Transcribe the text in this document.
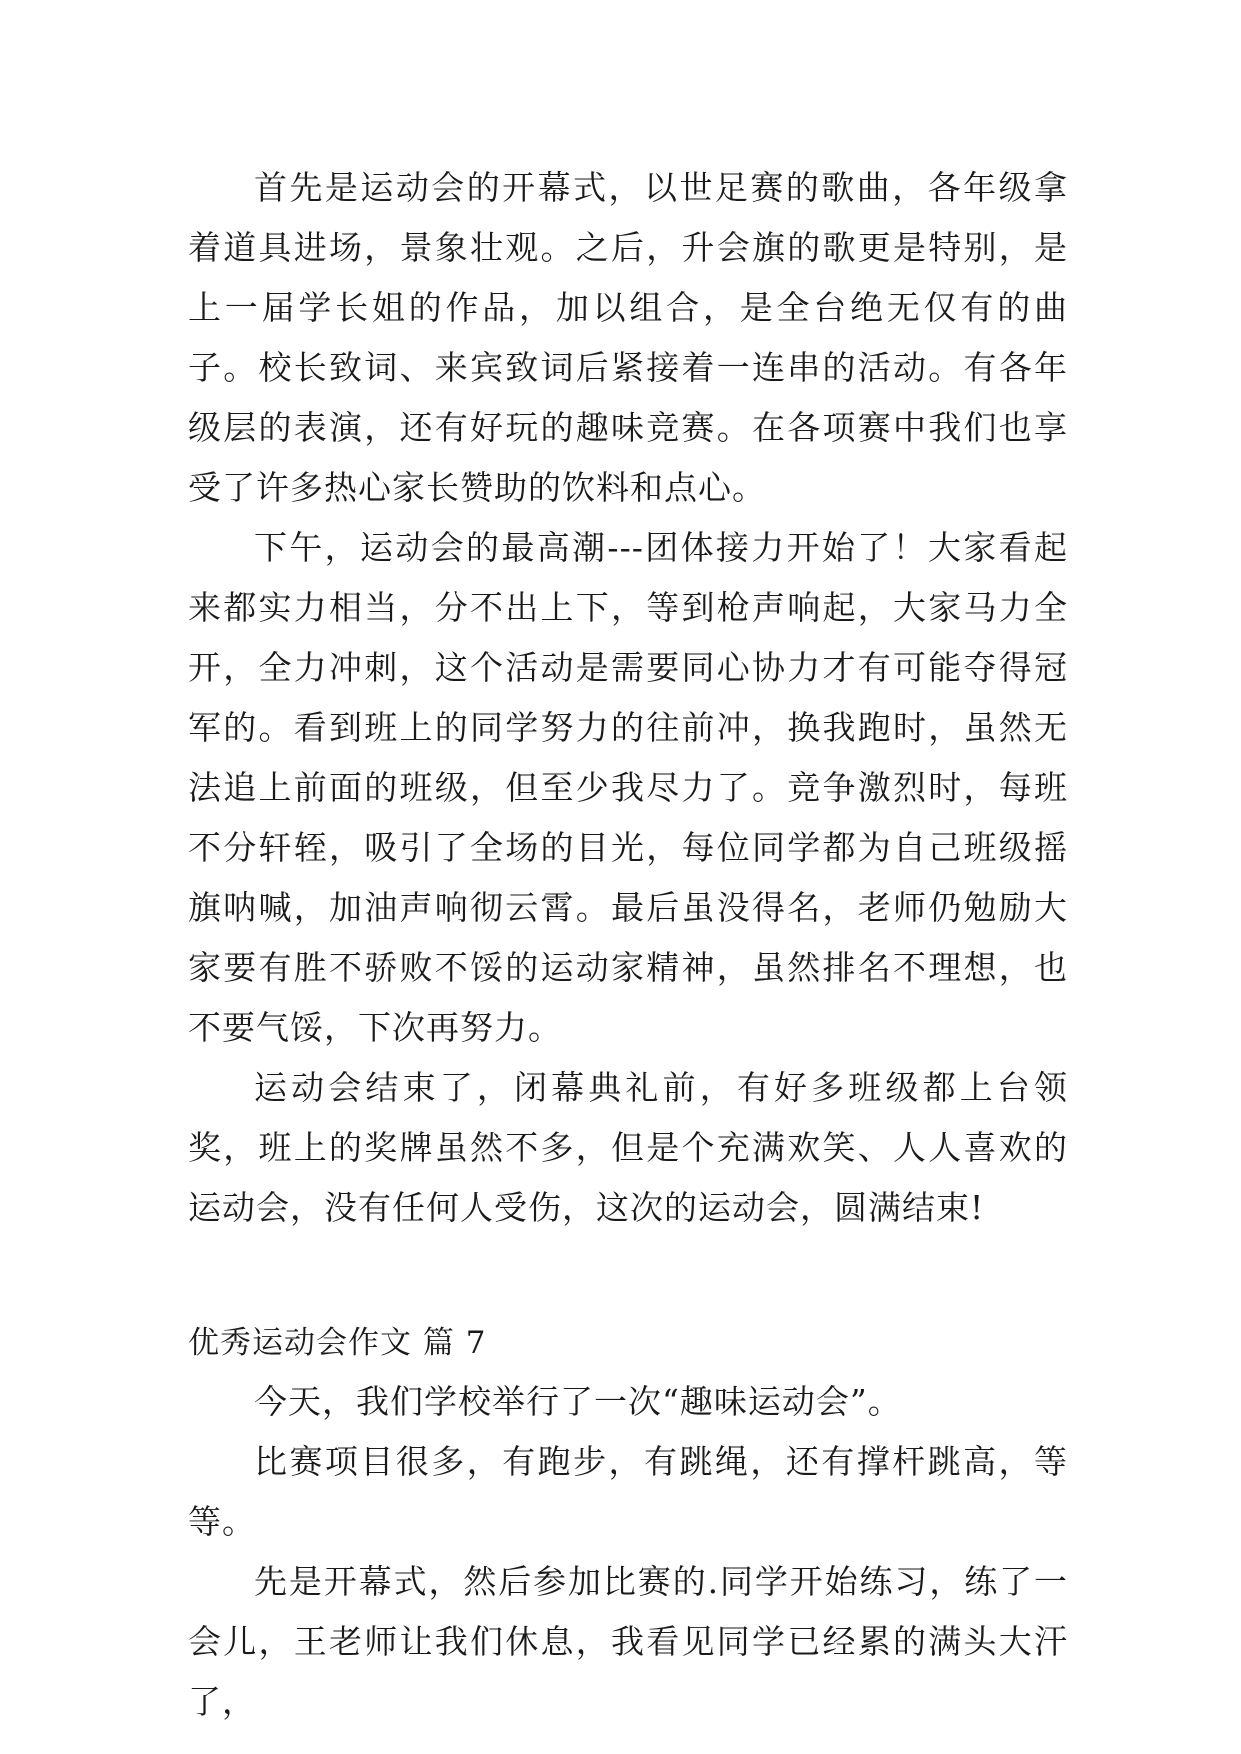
首先是运动会的开幕式，以世足赛的歌曲，各年级拿着道具进场，景象壮观。之后，升会旗的歌更是特别，是上一届学长姐的作品，加以组合，是全台绝无仅有的曲子。校长致词、来宾致词后紧接着一连串的活动。有各年级层的表演，还有好玩的趣味竞赛。在各项赛中我们也享受了许多热心家长赞助的饮料和点心。

下午，运动会的最高潮---团体接力开始了！大家看起来都实力相当，分不出上下，等到枪声响起，大家马力全开，全力冲刺，这个活动是需要同心协力才有可能夺得冠军的。看到班上的同学努力的往前冲，换我跑时，虽然无法追上前面的班级，但至少我尽力了。竞争激烈时，每班不分轩轾，吸引了全场的目光，每位同学都为自己班级摇旗呐喊，加油声响彻云霄。最后虽没得名，老师仍勉励大家要有胜不骄败不馁的运动家精神，虽然排名不理想，也不要气馁，下次再努力。

运动会结束了，闭幕典礼前，有好多班级都上台领奖，班上的奖牌虽然不多，但是个充满欢笑、人人喜欢的运动会，没有任何人受伤，这次的运动会，圆满结束!

优秀运动会作文 篇 7

今天，我们学校举行了一次“趣味运动会”。

比赛项目很多，有跑步，有跳绳，还有撑杆跳高，等等。

先是开幕式，然后参加比赛的.同学开始练习，练了一会儿，王老师让我们休息，我看见同学已经累的满头大汗了，
